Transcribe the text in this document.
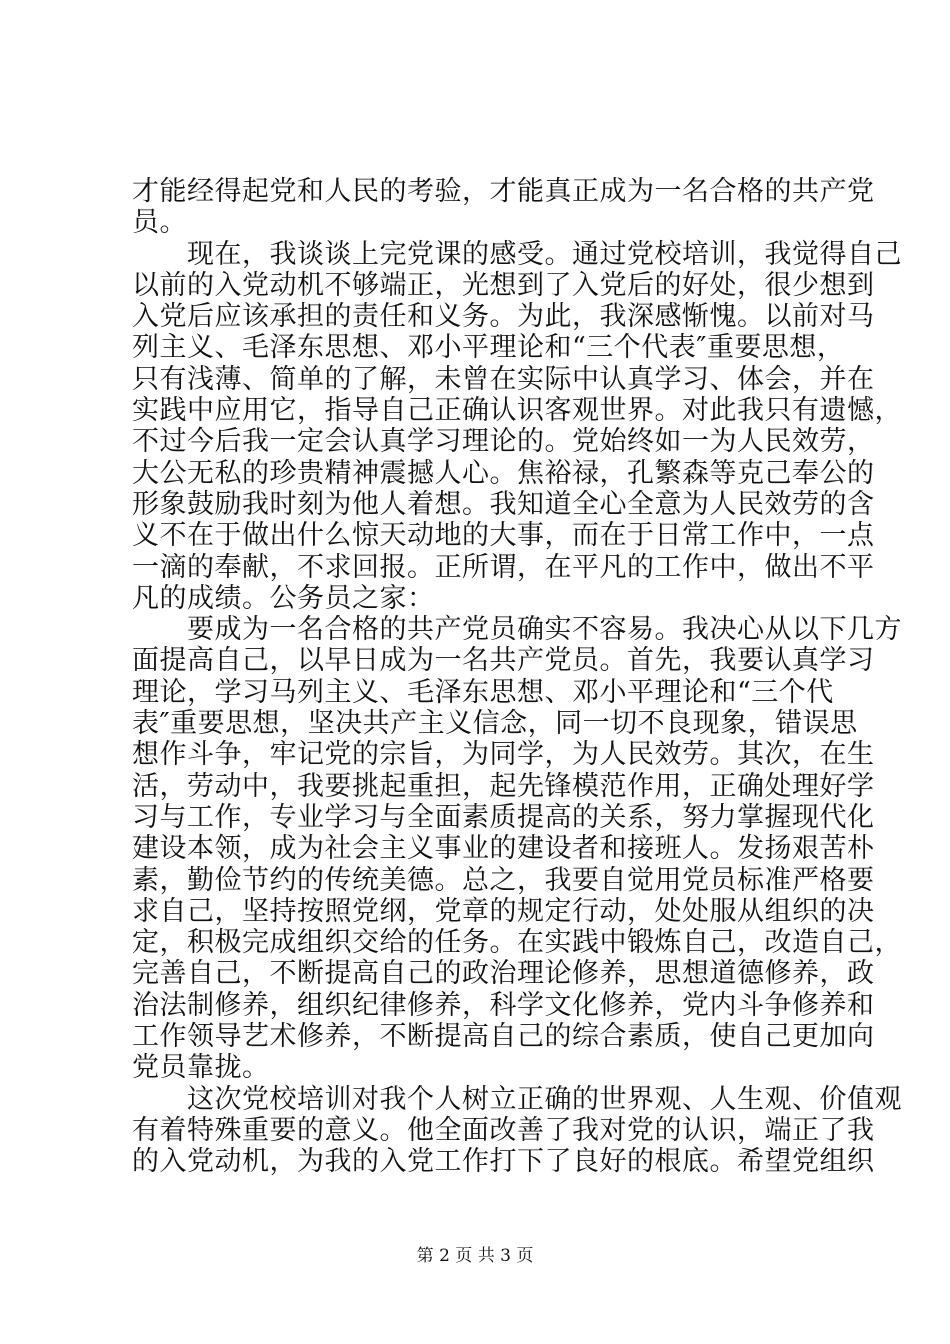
才能经得起党和人民的考验，才能真正成为一名合格的共产党
员。
　　现在，我谈谈上完党课的感受。通过党校培训，我觉得自己
以前的入党动机不够端正，光想到了入党后的好处，很少想到
入党后应该承担的责任和义务。为此，我深感惭愧。以前对马
列主义、毛泽东思想、邓小平理论和“三个代表″重要思想，
只有浅薄、简单的了解，未曾在实际中认真学习、体会，并在
实践中应用它，指导自己正确认识客观世界。对此我只有遗憾，
不过今后我一定会认真学习理论的。党始终如一为人民效劳，
大公无私的珍贵精神震撼人心。焦裕禄，孔繁森等克己奉公的
形象鼓励我时刻为他人着想。我知道全心全意为人民效劳的含
义不在于做出什么惊天动地的大事，而在于日常工作中，一点
一滴的奉献，不求回报。正所谓，在平凡的工作中，做出不平
凡的成绩。公务员之家：
　　要成为一名合格的共产党员确实不容易。我决心从以下几方
面提高自己，以早日成为一名共产党员。首先，我要认真学习
理论，学习马列主义、毛泽东思想、邓小平理论和“三个代
表″重要思想，坚决共产主义信念，同一切不良现象，错误思
想作斗争，牢记党的宗旨，为同学，为人民效劳。其次，在生
活，劳动中，我要挑起重担，起先锋模范作用，正确处理好学
习与工作，专业学习与全面素质提高的关系，努力掌握现代化
建设本领，成为社会主义事业的建设者和接班人。发扬艰苦朴
素，勤俭节约的传统美德。总之，我要自觉用党员标准严格要
求自己，坚持按照党纲，党章的规定行动，处处服从组织的决
定，积极完成组织交给的任务。在实践中锻炼自己，改造自己，
完善自己，不断提高自己的政治理论修养，思想道德修养，政
治法制修养，组织纪律修养，科学文化修养，党内斗争修养和
工作领导艺术修养，不断提高自己的综合素质，使自己更加向
党员靠拢。
　　这次党校培训对我个人树立正确的世界观、人生观、价值观
有着特殊重要的意义。他全面改善了我对党的认识，端正了我
的入党动机，为我的入党工作打下了良好的根底。希望党组织
第 2 页 共 3 页
